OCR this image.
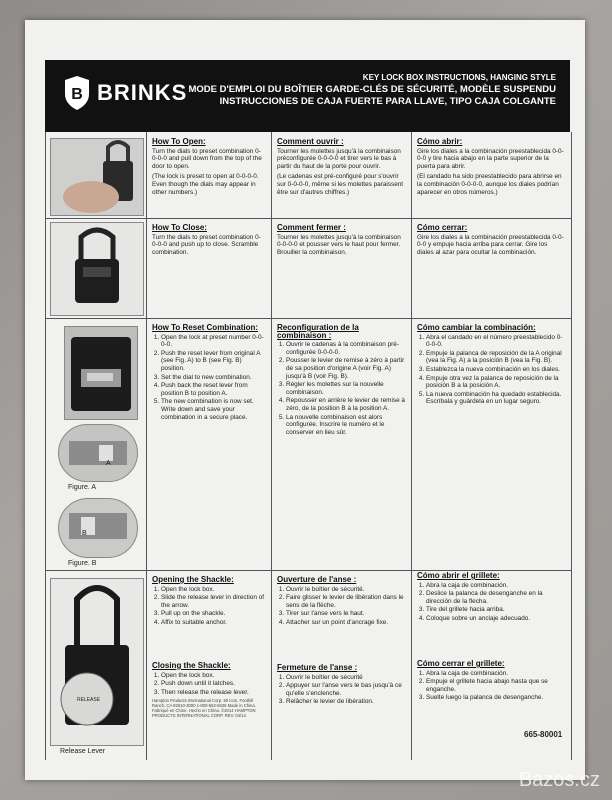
B BRINKS
KEY LOCK BOX INSTRUCTIONS, HANGING STYLE
MODE D'EMPLOI DU BOÎTIER GARDE-CLÉS DE SÉCURITÉ, MODÈLE SUSPENDU
INSTRUCCIONES DE CAJA FUERTE PARA LLAVE, TIPO CAJA COLGANTE
A
Figure. A
B
Figure. B
RELEASE
Release Lever
How To Open:

Turn the dials to preset combination 0-0-0-0 and pull down from the top of the door to open.

(The lock is preset to open at 0-0-0-0. Even though the dials may appear in other numbers.)

Comment ouvrir :

Tourner les molettes jusqu'à la combinaison préconfigurée 0-0-0-0 et tirer vers le bas à partir du haut de la porte pour ouvrir.

(Le cadenas est pré-configuré pour s'ouvrir sur 0-0-0-0, même si les molettes paraissent être sur d'autres chiffres.)

Cómo abrir:

Gire los diales a la combinación preestablecida 0-0-0-0 y tire hacia abajo en la parte superior de la puerta para abrir.

(El candado ha sido preestablecido para abrirse en la combinación 0-0-0-0, aunque los diales podrían aparecer en otros números.)

How To Close:

Turn the dials to preset combination 0-0-0-0 and push up to close. Scramble combination.

Comment fermer :

Tourner les molettes jusqu'à la combinaison 0-0-0-0 et pousser vers le haut pour fermer. Brouiller la combinaison.

Cómo cerrar:

Gire los diales a la combinación preestablecida 0-0-0-0 y empuje hacia arriba para cerrar. Gire los diales al azar para ocultar la combinación.

How To Reset Combination:
1. Open the lock at preset number 0-0-0-0.
2. Push the reset lever from original A (see Fig. A) to B (see Fig. B) position.
3. Set the dial to new combination.
4. Push back the reset lever from position B to position A.
5. The new combination is now set. Write down and save your combination in a secure place.
Reconfiguration de la combinaison :
1. Ouvrir le cadenas à la combinaison pré-configurée 0-0-0-0.
2. Pousser le levier de remise à zéro à partir de sa position d'origine A (voir Fig. A) jusqu'à B (voir Fig. B).
3. Régler les molettes sur la nouvelle combinaison.
4. Repousser en arrière le levier de remise à zéro, de la position B à la position A.
5. La nouvelle combinaison est alors configurée. Inscrire le numéro et le conserver en lieu sûr.
Cómo cambiar la combinación:
1. Abra el candado en el número preestablecido 0-0-0-0.
2. Empuje la palanca de reposición de la A original (vea la Fig. A) a la posición B (vea la Fig. B).
3. Establezca la nueva combinación en los diales.
4. Empuje otra vez la palanca de reposición de la posición B a la posición A.
5. La nueva combinación ha quedado establecida. Escríbala y guárdela en un lugar seguro.
Opening the Shackle:
1. Open the lock box.
2. Slide the release lever in direction of the arrow.
3. Pull up on the shackle.
4. Affix to suitable anchor.
Ouverture de l'anse :
1. Ouvrir le boîtier de sécurité.
2. Faire glisser le levier de libération dans le sens de la flèche.
3. Tirer sur l'anse vers le haut.
4. Attacher sur un point d'ancrage fixe.
Cómo abrir el grillete:
1. Abra la caja de combinación.
2. Deslice la palanca de desenganche en la dirección de la flecha.
3. Tire del grillete hacia arriba.
4. Coloque sobre un anclaje adecuado.
Closing the Shackle:
1. Open the lock box.
2. Push down until it latches.
3. Then release the release lever.
Hampton Products International Corp. 50 Icon, Foothill Ranch, CA 92610-3000 1-800-562-5625 Made in China. Fabriqué en Chine. Hecho en China. ©2014 HAMPTON PRODUCTS INTERNATIONAL CORP. REV. 04/14
Fermeture de l'anse :
1. Ouvrir le boîtier de sécurité
2. Appuyer sur l'anse vers le bas jusqu'à ce qu'elle s'enclenche.
3. Relâcher le levier de libération.
Cómo cerrar el grillete:
1. Abra la caja de combinación.
2. Empuje el grillete hacia abajo hasta que se enganche.
3. Suelte luego la palanca de desenganche.
665-80001
Bazos.cz
